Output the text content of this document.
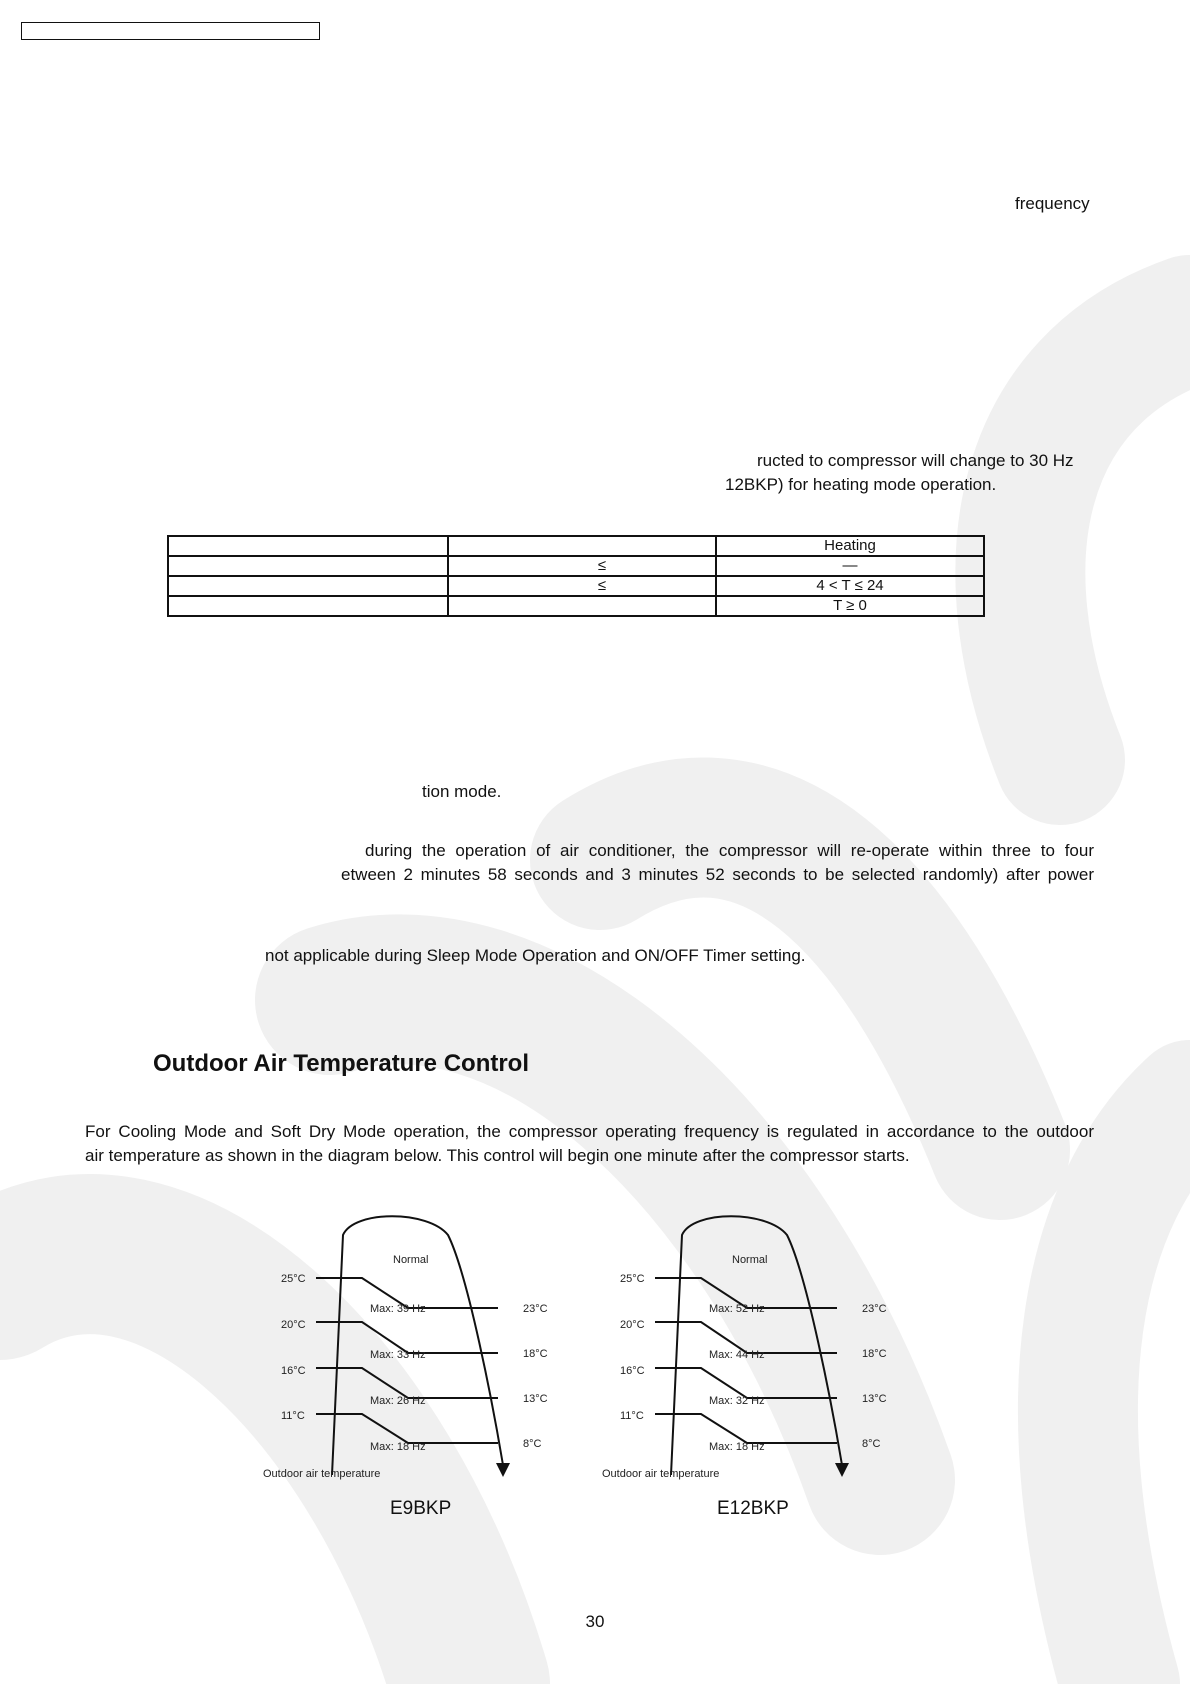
frequency
ructed to compressor will change to 30 Hz
12BKP) for heating mode operation.
		Heating
	≤	—
	≤	4 < T ≤ 24
		T ≥ 0
tion mode.
during the operation of air conditioner, the compressor will re-operate within three to four
etween 2 minutes 58 seconds and 3 minutes 52 seconds to be selected randomly) after power
not applicable during Sleep Mode Operation and ON/OFF Timer setting.
Outdoor Air Temperature Control

For Cooling Mode and Soft Dry Mode operation, the compressor operating frequency is regulated in accordance to the outdoor

air temperature as shown in the diagram below. This control will begin one minute after the compressor starts.

Normal
25°C
20°C
16°C
11°C
23°C
18°C
13°C
8°C
Max: 39 Hz
Max: 33 Hz
Max: 26 Hz
Max: 18 Hz
Outdoor air temperature
E9BKP
Normal
25°C
20°C
16°C
11°C
23°C
18°C
13°C
8°C
Max: 52 Hz
Max: 44 Hz
Max: 32 Hz
Max: 18 Hz
Outdoor air temperature
E12BKP
30
